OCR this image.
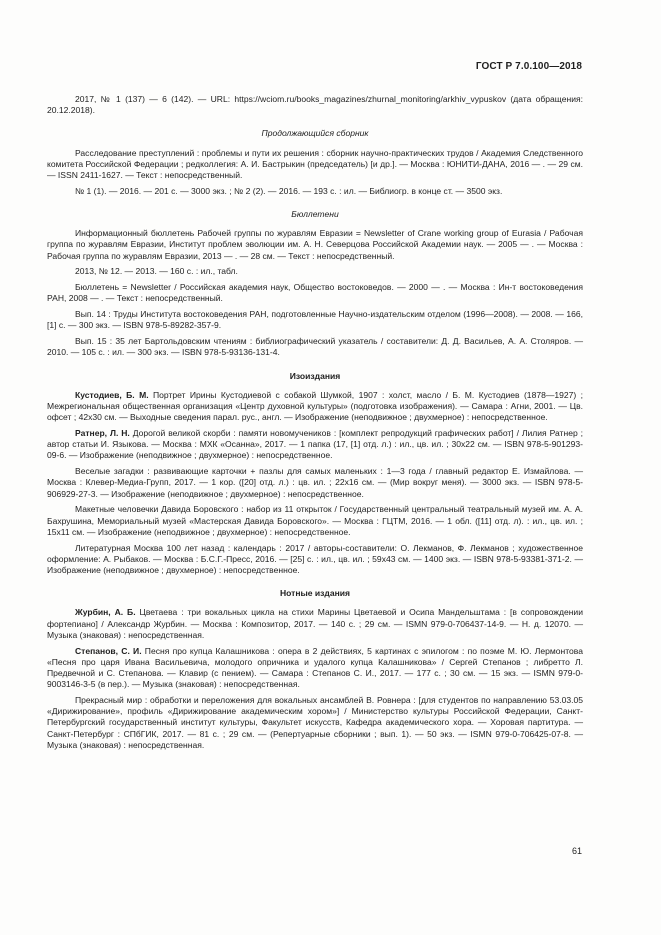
ГОСТ Р 7.0.100—2018

2017, № 1 (137) — 6 (142). — URL: https://wciom.ru/books_magazines/zhurnal_monitoring/arkhiv_vypuskov (дата обращения: 20.12.2018).

Продолжающийся сборник

Расследование преступлений : проблемы и пути их решения : сборник научно-практических трудов / Академия Следственного комитета Российской Федерации ; редколлегия: А. И. Бастрыкин (председатель) [и др.]. — Москва : ЮНИТИ-ДАНА, 2016 — . — 29 см. — ISSN 2411-1627. — Текст : непосредственный.

№ 1 (1). — 2016. — 201 с. — 3000 экз. ; № 2 (2). — 2016. — 193 с. : ил. — Библиогр. в конце ст. — 3500 экз.

Бюллетени

Информационный бюллетень Рабочей группы по журавлям Евразии = Newsletter of Crane working group of Eurasia / Рабочая группа по журавлям Евразии, Институт проблем эволюции им. А. Н. Северцова Российской Академии наук. — 2005 — . — Москва : Рабочая группа по журавлям Евразии, 2013 — . — 28 см. — Текст : непосредственный.

2013, № 12. — 2013. — 160 с. : ил., табл.

Бюллетень = Newsletter / Российская академия наук, Общество востоковедов. — 2000 — . — Москва : Ин-т востоковедения РАН, 2008 — . — Текст : непосредственный.

Вып. 14 : Труды Института востоковедения РАН, подготовленные Научно-издательским отделом (1996—2008). — 2008. — 166, [1] с. — 300 экз. — ISBN 978-5-89282-357-9.

Вып. 15 : 35 лет Бартольдовским чтениям : библиографический указатель / составители: Д. Д. Васильев, А. А. Столяров. — 2010. — 105 с. : ил. — 300 экз. — ISBN 978-5-93136-131-4.

Изоиздания

Кустодиев, Б. М. Портрет Ирины Кустодиевой с собакой Шумкой, 1907 : холст, масло / Б. М. Кустодиев (1878—1927) ; Межрегиональная общественная организация «Центр духовной культуры» (подготовка изображения). — Самара : Агни, 2001. — Цв. офсет ; 42х30 см. — Выходные сведения парал. рус., англ. — Изображение (неподвижное ; двухмерное) : непосредственное.

Ратнер, Л. Н. Дорогой великой скорби : памяти новомучеников : [комплект репродукций графических работ] / Лилия Ратнер ; автор статьи И. Языкова. — Москва : МХК «Осанна», 2017. — 1 папка (17, [1] отд. л.) : ил., цв. ил. ; 30х22 см. — ISBN 978-5-901293-09-6. — Изображение (неподвижное ; двухмерное) : непосредственное.

Веселые загадки : развивающие карточки + пазлы для самых маленьких : 1—3 года / главный редактор Е. Измайлова. — Москва : Клевер-Медиа-Групп, 2017. — 1 кор. ([20] отд. л.) : цв. ил. ; 22х16 см. — (Мир вокруг меня). — 3000 экз. — ISBN 978-5-906929-27-3. — Изображение (неподвижное ; двухмерное) : непосредственное.

Макетные человечки Давида Боровского : набор из 11 открыток / Государственный центральный театральный музей им. А. А. Бахрушина, Мемориальный музей «Мастерская Давида Боровского». — Москва : ГЦТМ, 2016. — 1 обл. ([11] отд. л). : ил., цв. ил. ; 15х11 см. — Изображение (неподвижное ; двухмерное) : непосредственное.

Литературная Москва 100 лет назад : календарь : 2017 / авторы-составители: О. Лекманов, Ф. Лекманов ; художественное оформление: А. Рыбаков. — Москва : Б.С.Г.-Пресс, 2016. — [25] с. : ил., цв. ил. ; 59х43 см. — 1400 экз. — ISBN 978-5-93381-371-2. — Изображение (неподвижное ; двухмерное) : непосредственное.

Нотные издания

Журбин, А. Б. Цветаева : три вокальных цикла на стихи Марины Цветаевой и Осипа Мандельштама : [в сопровождении фортепиано] / Александр Журбин. — Москва : Композитор, 2017. — 140 с. ; 29 см. — ISMN 979-0-706437-14-9. — Н. д. 12070. — Музыка (знаковая) : непосредственная.

Степанов, С. И. Песня про купца Калашникова : опера в 2 действиях, 5 картинах с эпилогом : по поэме М. Ю. Лермонтова «Песня про царя Ивана Васильевича, молодого опричника и удалого купца Калашникова» / Сергей Степанов ; либретто Л. Предвечной и С. Степанова. — Клавир (с пением). — Самара : Степанов С. И., 2017. — 177 с. ; 30 см. — 15 экз. — ISMN 979-0-9003146-3-5 (в пер.). — Музыка (знаковая) : непосредственная.

Прекрасный мир : обработки и переложения для вокальных ансамблей В. Ровнера : [для студентов по направлению 53.03.05 «Дирижирование», профиль «Дирижирование академическим хором»] / Министерство культуры Российской Федерации, Санкт-Петербургский государственный институт культуры, Факультет искусств, Кафедра академического хора. — Хоровая партитура. — Санкт-Петербург : СПбГИК, 2017. — 81 с. ; 29 см. — (Репертуарные сборники ; вып. 1). — 50 экз. — ISMN 979-0-706425-07-8. — Музыка (знаковая) : непосредственная.

61
